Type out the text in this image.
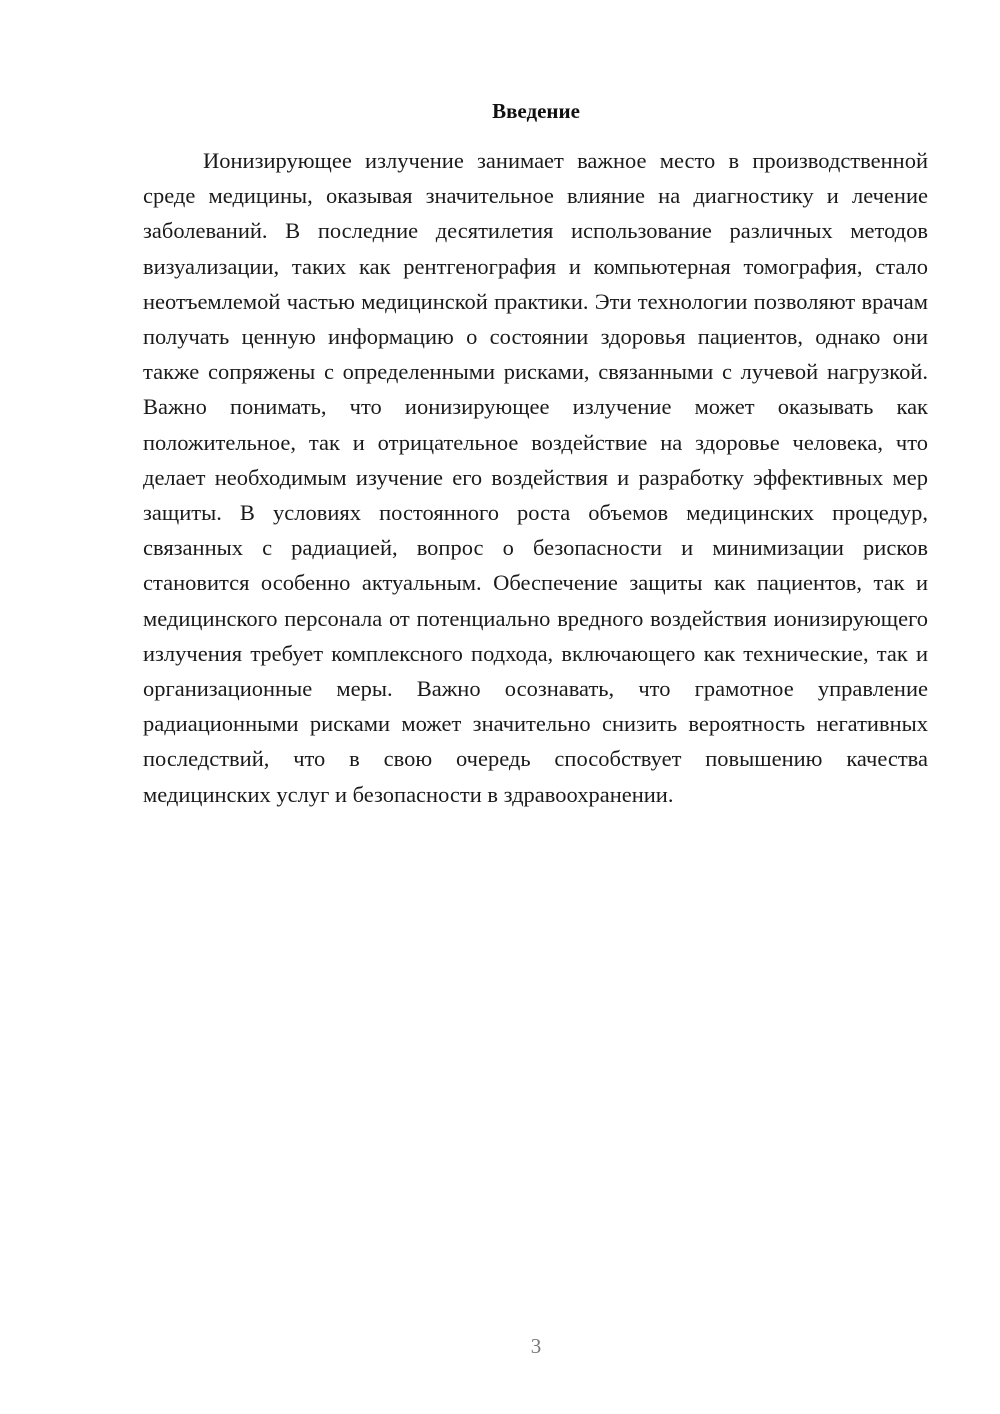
Введение

Ионизирующее излучение занимает важное место в производственной среде медицины, оказывая значительное влияние на диагностику и лечение заболеваний. В последние десятилетия использование различных методов визуализации, таких как рентгенография и компьютерная томография, стало неотъемлемой частью медицинской практики. Эти технологии позволяют врачам получать ценную информацию о состоянии здоровья пациентов, однако они также сопряжены с определенными рисками, связанными с лучевой нагрузкой. Важно понимать, что ионизирующее излучение может оказывать как положительное, так и отрицательное воздействие на здоровье человека, что делает необходимым изучение его воздействия и разработку эффективных мер защиты. В условиях постоянного роста объемов медицинских процедур, связанных с радиацией, вопрос о безопасности и минимизации рисков становится особенно актуальным. Обеспечение защиты как пациентов, так и медицинского персонала от потенциально вредного воздействия ионизирующего излучения требует комплексного подхода, включающего как технические, так и организационные меры. Важно осознавать, что грамотное управление радиационными рисками может значительно снизить вероятность негативных последствий, что в свою очередь способствует повышению качества медицинских услуг и безопасности в здравоохранении.

3
